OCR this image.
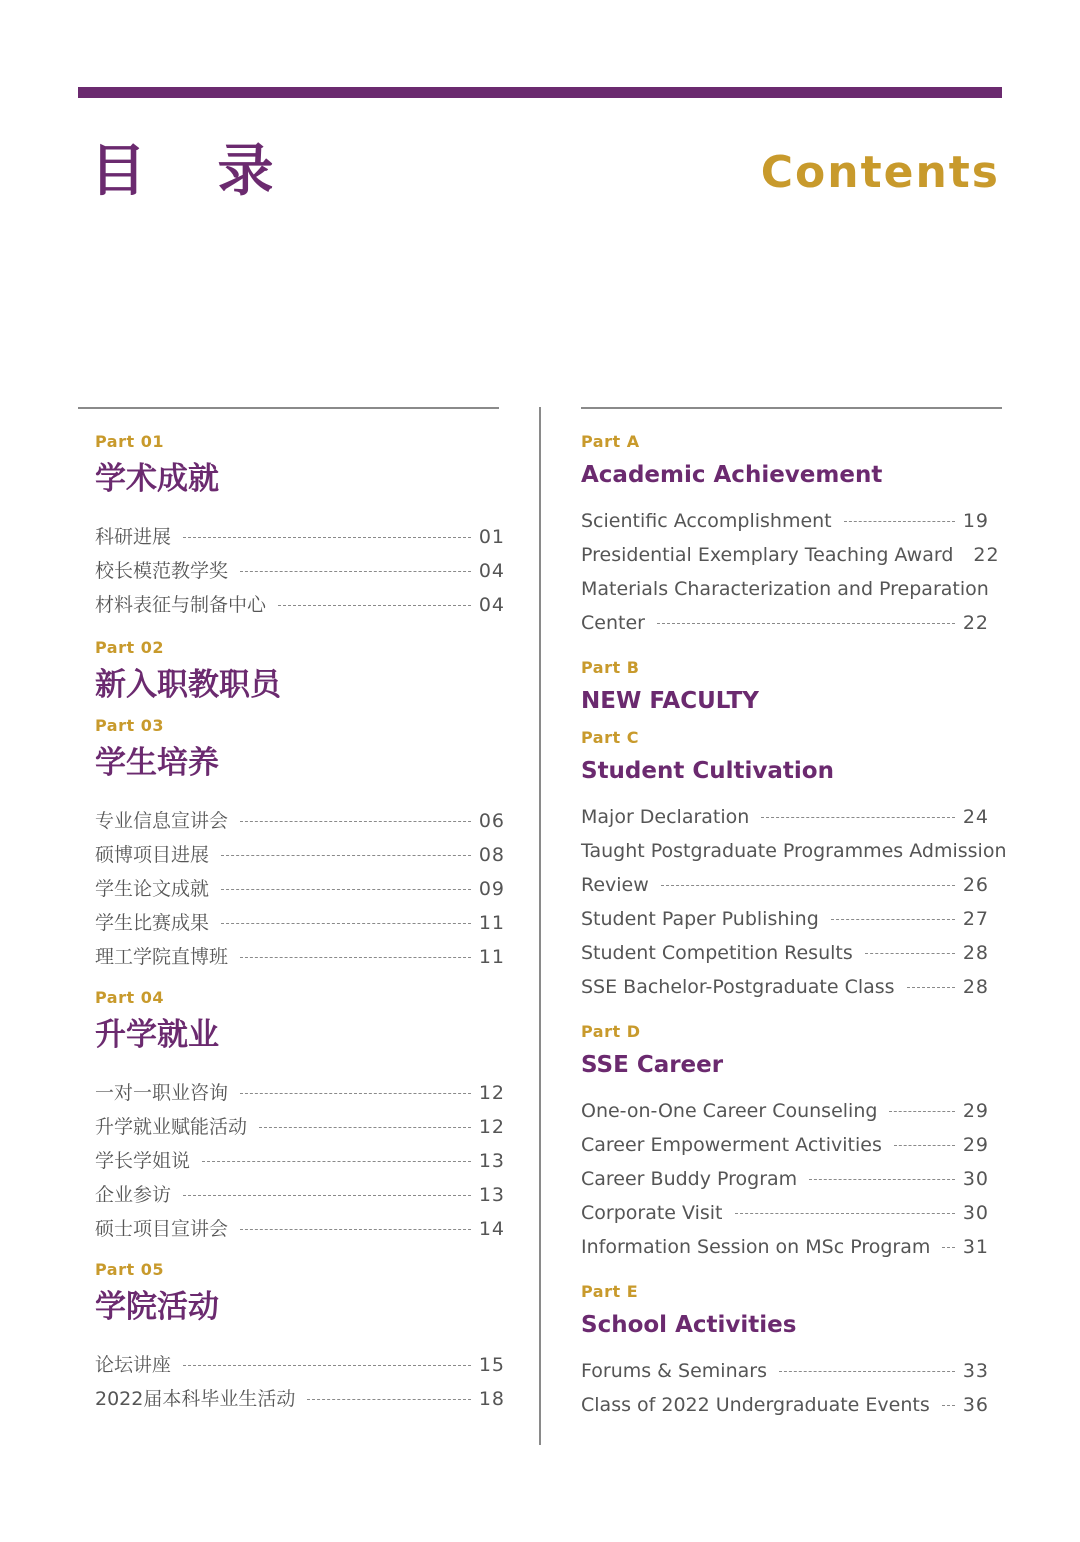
目 录	Contents
Part 01
学术成就
科研进展	01
校长模范教学奖	04
材料表征与制备中心	04
Part 02
新入职教职员
Part 03
学生培养
专业信息宣讲会	06
硕博项目进展	08
学生论文成就	09
学生比赛成果	11
理工学院直博班	11
Part 04
升学就业
一对一职业咨询	12
升学就业赋能活动	12
学长学姐说	13
企业参访	13
硕士项目宣讲会	14
Part 05
学院活动
论坛讲座	15
2022届本科毕业生活动	18
Part A
Academic Achievement
Scientific Accomplishment	19
Presidential Exemplary Teaching Award 22
Materials Characterization and Preparation
Center	22
Part B
NEW FACULTY
Part C
Student Cultivation
Major Declaration	24
Taught Postgraduate Programmes Admission
Review	26
Student Paper Publishing	27
Student Competition Results	28
SSE Bachelor-Postgraduate Class	28
Part D
SSE Career
One-on-One Career Counseling	29
Career Empowerment Activities	29
Career Buddy Program	30
Corporate Visit	30
Information Session on MSc Program 31
Part E
School Activities
Forums & Seminars	33
Class of 2022 Undergraduate Events 36
